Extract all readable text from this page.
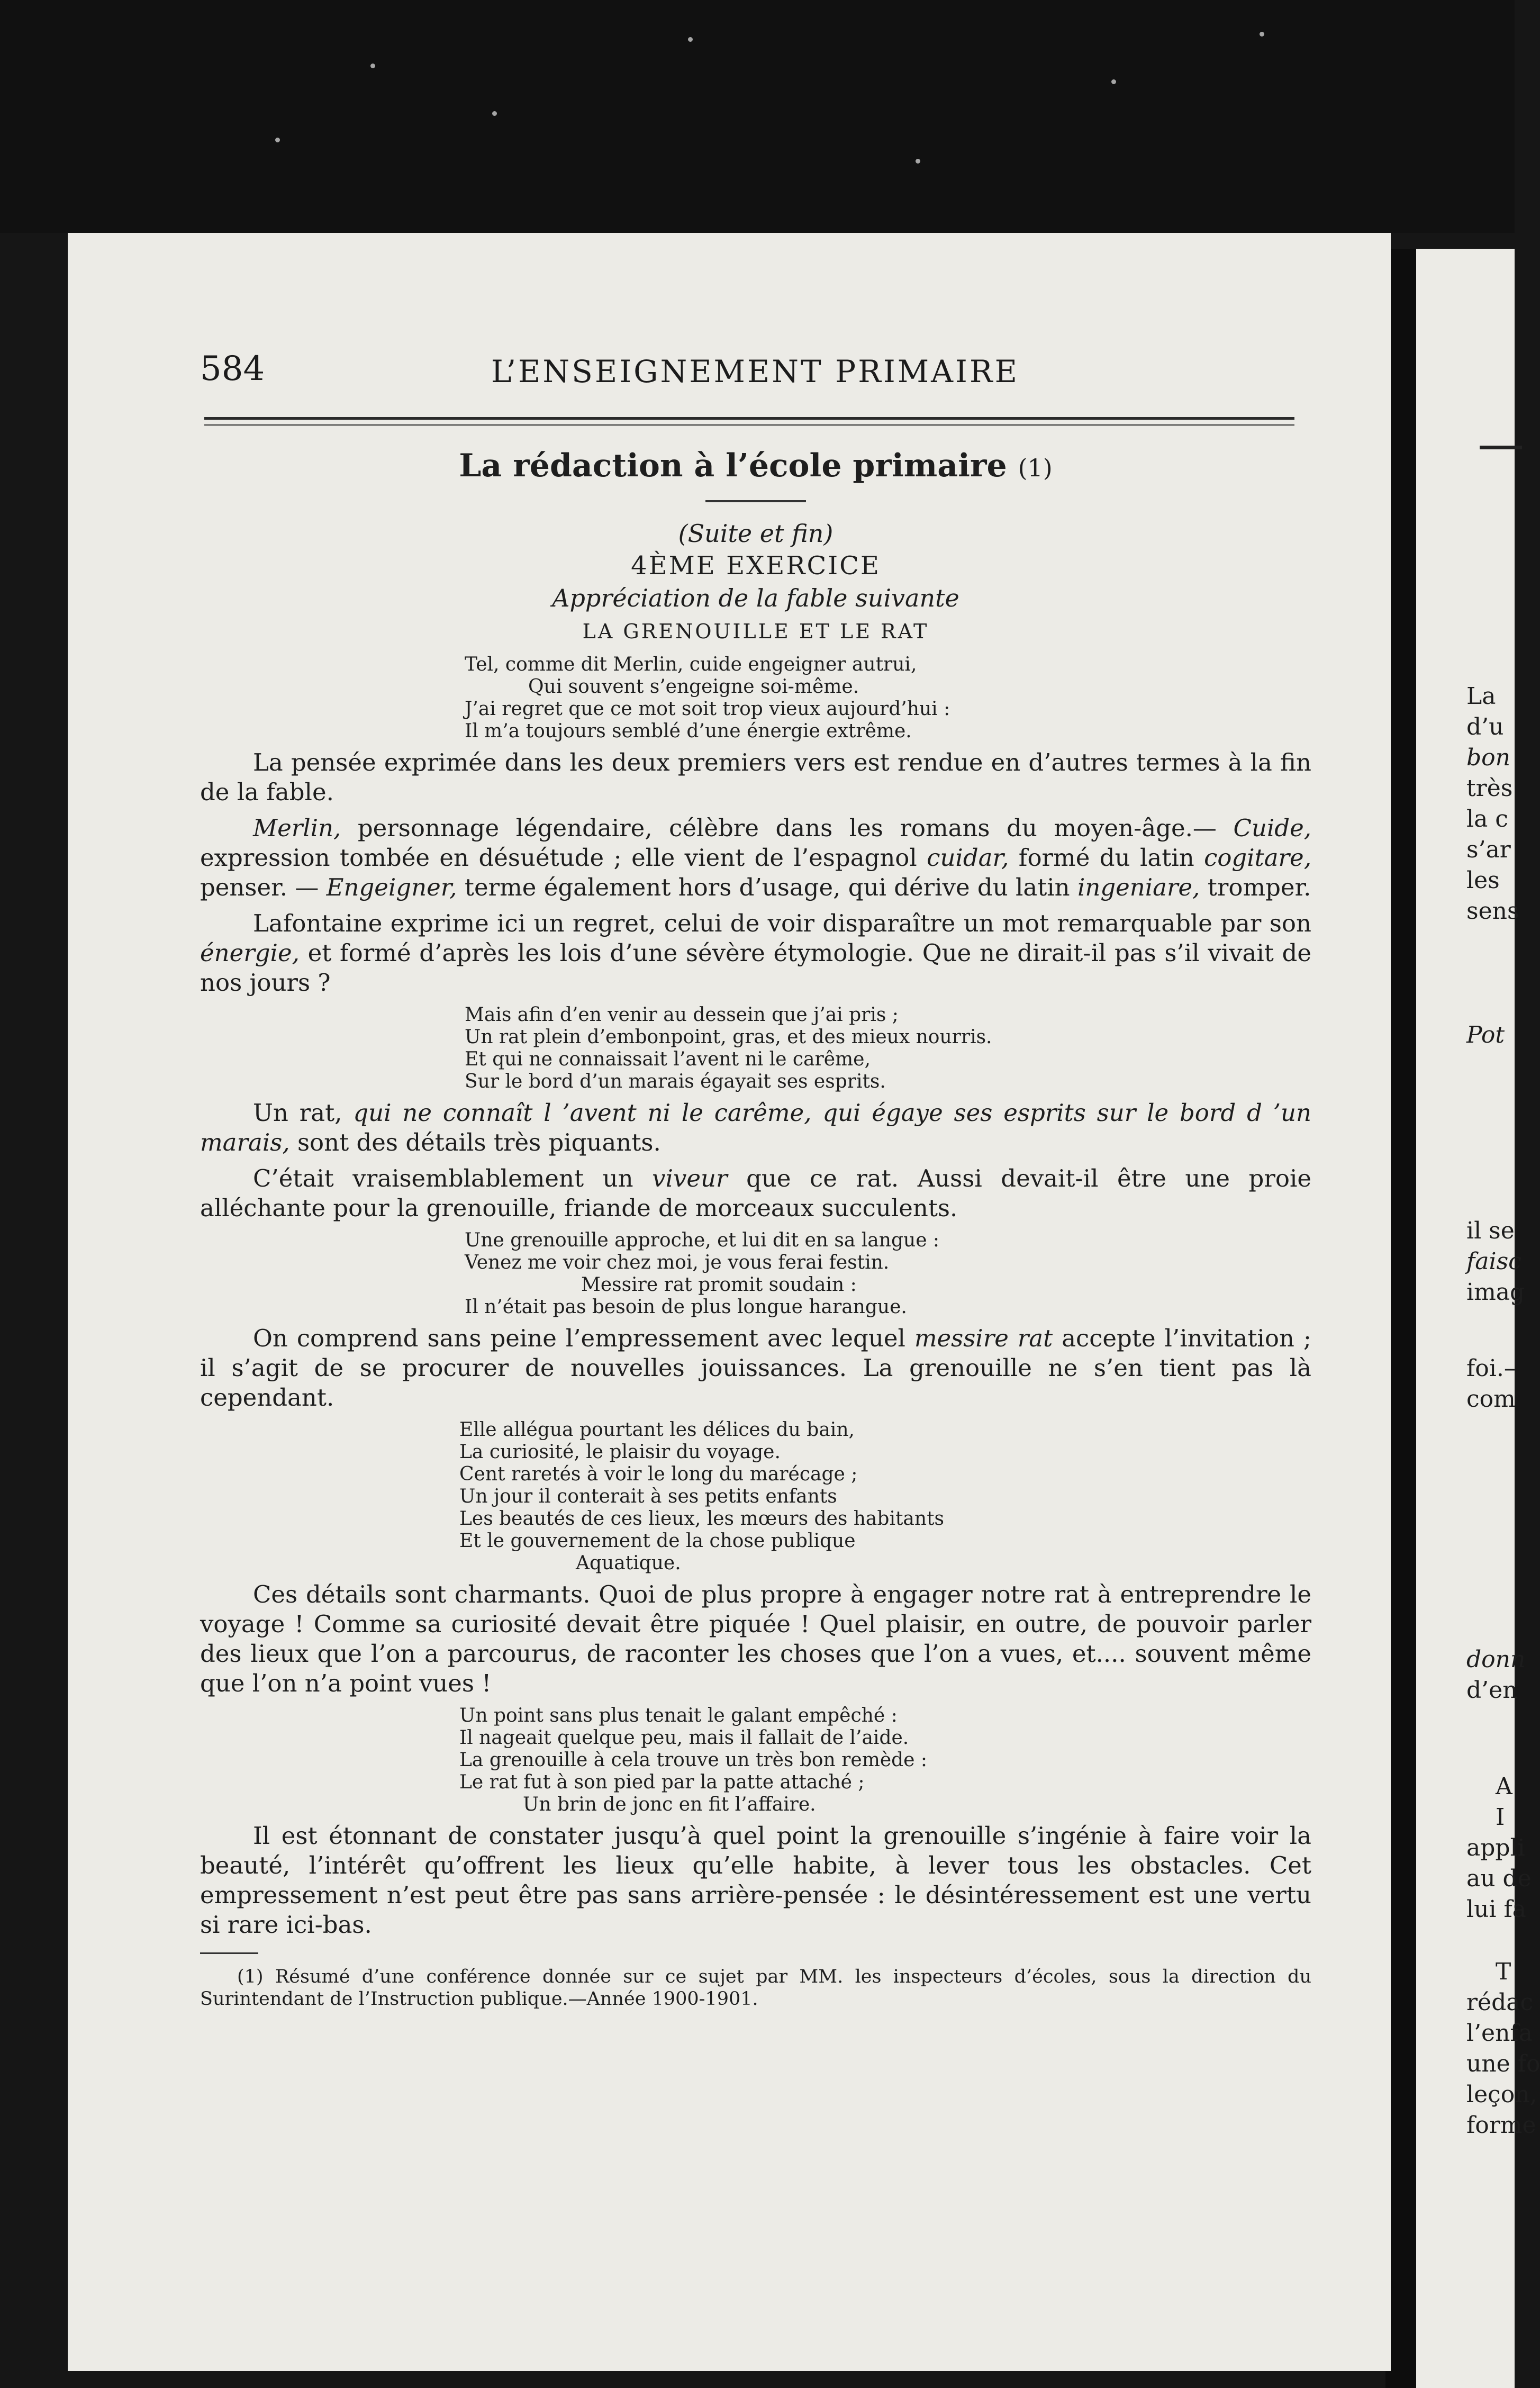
La
d’u
bon
très
la c
s’ar
les
sens
Pot
il se
faisc
imag
foi.–
com
donn
d’en
A
I
appli
au de
lui fa
T
rédac
l’enfa
une fo
leçon,
forme
584	L’ENSEIGNEMENT PRIMAIRE
La rédaction à l’école primaire (1)

(Suite et fin)

4ÈME EXERCICE

Appréciation de la fable suivante

LA GRENOUILLE ET LE RAT

Tel, comme dit Merlin, cuide engeigner autrui,
Qui souvent s’engeigne soi-même.
J’ai regret que ce mot soit trop vieux aujourd’hui :
Il m’a toujours semblé d’une énergie extrême.

La pensée exprimée dans les deux premiers vers est rendue en d’autres termes à la fin de la fable.

Merlin, personnage légendaire, célèbre dans les romans du moyen-âge.— Cuide, expression tombée en désuétude ; elle vient de l’espagnol cuidar, formé du latin cogitare, penser. — Engeigner, terme également hors d’usage, qui dérive du latin ingeniare, tromper.

Lafontaine exprime ici un regret, celui de voir disparaître un mot remarquable par son énergie, et formé d’après les lois d’une sévère étymologie. Que ne dirait-il pas s’il vivait de nos jours ?

Mais afin d’en venir au dessein que j’ai pris ;
Un rat plein d’embonpoint, gras, et des mieux nourris.
Et qui ne connaissait l’avent ni le carême,
Sur le bord d’un marais égayait ses esprits.

Un rat, qui ne connaît l ’avent ni le carême, qui égaye ses esprits sur le bord d ’un marais, sont des détails très piquants.

C’était vraisemblablement un viveur que ce rat. Aussi devait-il être une proie alléchante pour la grenouille, friande de morceaux succulents.

Une grenouille approche, et lui dit en sa langue :
Venez me voir chez moi, je vous ferai festin.
Messire rat promit soudain :
Il n’était pas besoin de plus longue harangue.

On comprend sans peine l’empressement avec lequel messire rat accepte l’invitation ; il s’agit de se procurer de nouvelles jouissances. La grenouille ne s’en tient pas là cependant.

Elle allégua pourtant les délices du bain,
La curiosité, le plaisir du voyage.
Cent raretés à voir le long du marécage ;
Un jour il conterait à ses petits enfants
Les beautés de ces lieux, les mœurs des habitants
Et le gouvernement de la chose publique
Aquatique.

Ces détails sont charmants. Quoi de plus propre à engager notre rat à entreprendre le voyage ! Comme sa curiosité devait être piquée ! Quel plaisir, en outre, de pouvoir parler des lieux que l’on a parcourus, de raconter les choses que l’on a vues, et.... souvent même que l’on n’a point vues !

Un point sans plus tenait le galant empêché :
Il nageait quelque peu, mais il fallait de l’aide.
La grenouille à cela trouve un très bon remède :
Le rat fut à son pied par la patte attaché ;
Un brin de jonc en fit l’affaire.

Il est étonnant de constater jusqu’à quel point la grenouille s’ingénie à faire voir la beauté, l’intérêt qu’offrent les lieux qu’elle habite, à lever tous les obstacles. Cet empressement n’est peut être pas sans arrière-pensée : le désintéressement est une vertu si rare ici-bas.

(1) Résumé d’une conférence donnée sur ce sujet par MM. les inspecteurs d’écoles, sous la direction du Surintendant de l’Instruction publique.—Année 1900-1901.
